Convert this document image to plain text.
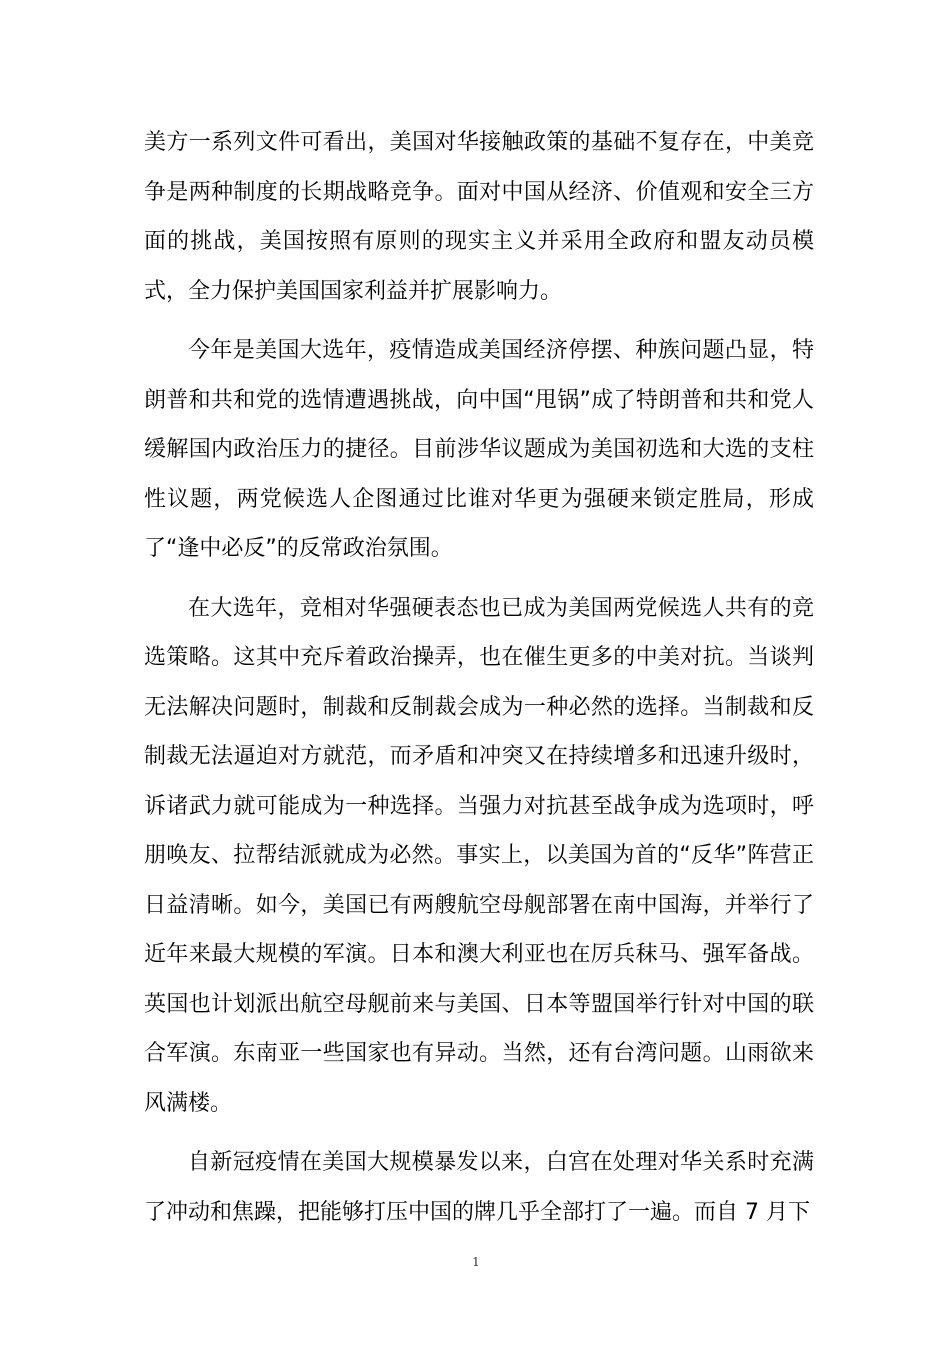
美方一系列文件可看出，美国对华接触政策的基础不复存在，中美竞争是两种制度的长期战略竞争。面对中国从经济、价值观和安全三方面的挑战，美国按照有原则的现实主义并采用全政府和盟友动员模式，全力保护美国国家利益并扩展影响力。

今年是美国大选年，疫情造成美国经济停摆、种族问题凸显，特朗普和共和党的选情遭遇挑战，向中国“甩锅”成了特朗普和共和党人缓解国内政治压力的捷径。目前涉华议题成为美国初选和大选的支柱性议题，两党候选人企图通过比谁对华更为强硬来锁定胜局，形成了“逢中必反”的反常政治氛围。

在大选年，竞相对华强硬表态也已成为美国两党候选人共有的竞选策略。这其中充斥着政治操弄，也在催生更多的中美对抗。当谈判无法解决问题时，制裁和反制裁会成为一种必然的选择。当制裁和反制裁无法逼迫对方就范，而矛盾和冲突又在持续增多和迅速升级时，诉诸武力就可能成为一种选择。当强力对抗甚至战争成为选项时，呼朋唤友、拉帮结派就成为必然。事实上，以美国为首的“反华”阵营正日益清晰。如今，美国已有两艘航空母舰部署在南中国海，并举行了近年来最大规模的军演。日本和澳大利亚也在厉兵秣马、强军备战。英国也计划派出航空母舰前来与美国、日本等盟国举行针对中国的联合军演。东南亚一些国家也有异动。当然，还有台湾问题。山雨欲来风满楼。

自新冠疫情在美国大规模暴发以来，白宫在处理对华关系时充满了冲动和焦躁，把能够打压中国的牌几乎全部打了一遍。而自 7 月下

1
